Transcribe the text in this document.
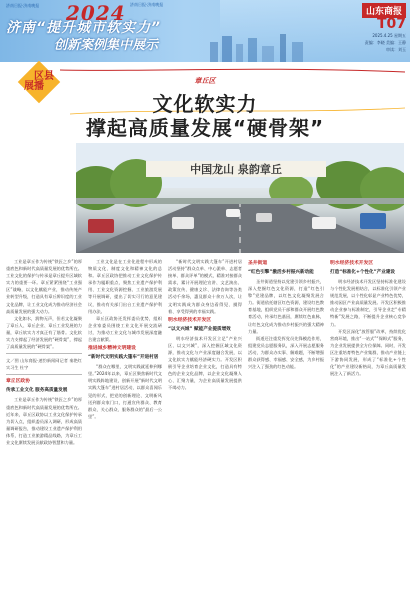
济南日报·济南晚报	济南日报·济南晚报
2024
济南“提升城市软实力”
创新案例集中展示
山东商报
T07
2025.4.25 星期五
责编：李晓 美编：王静
审读：刘玉
区县
展播	章丘区
文化软实力
撑起高质量发展“硬骨架”
中国龙山 泉韵章丘

工业是章丘作为传统“铁匠之乡”的厚重底色和新时代高质量发展的优势所在。工业文化的保护与传承是章丘提升区域软实力的重要一环。章丘紧紧围绕“工业强区”战略，以文化赋能产业，推动传统产业转型升级，打造具有章丘辨识度的工业文化品牌，让工业文化成为推动经济社会高质量发展的强大动力。

文化如水，润物无声，但若文化凝聚了章丘人、章丘企业、章丘工业发展的力量，章丘软实力才真正有了筋骨。文化软实力支撑起了经济发展的“硬骨架”，撑起了高质量发展的“硬骨架”。

文／图 山东商报·速豹新闻网记者 秦艳红 实习生 杜宇
章丘区政协
传承工业文化 服务高质量发展

工业是章丘作为传统“铁匠之乡”的厚重底色和新时代高质量发展的优势所在。近年来，章丘区政协以工业文化保护传承为切入点，组织委员深入调研，形成高质量调研报告，推动建设工业遗产保护利用体系，打造工业旅游精品线路，为章丘工业文化赓续发展贡献政协智慧和力量。

工业文化是在工业化进程中形成的物质文化、制度文化和精神文化的总和。章丘区政协把推动工业文化保护传承作为履职重点，聚焦工业遗产保护利用、工业文化资源挖掘、工业旅游发展等开展调研，提出了切实可行的意见建议，推动有关部门出台工业遗产保护利用办法。

章丘区政协还发挥委员优势，组织企业家委员围绕工业文化开展交流研讨，为推动工业文化与城市发展深度融合建言献策。

推进城乡精神文明建设
“新时代文明实践大篷车”开进村居

“群众在哪里，文明实践就延伸到哪里。”2024年以来，章丘区聚焦新时代文明实践阵地建设，创新开展“新时代文明实践大篷车”进村居活动，以群众喜闻乐见的形式，把党的创新理论、文明新风送到群众家门口，打通宣传群众、教育群众、关心群众、服务群众的“最后一公里”。

“新时代文明实践大篷车”开进村居活动坚持“群众点单、中心派单、志愿者接单、群众评单”的模式，精准对接群众需求，累计开展理论宣讲、文艺演出、政策宣传、健康义诊、法律咨询等各类活动千余场，惠及群众十余万人次，让文明实践成为群众身边看得见、摸得着、享受得到的幸福实践。

明水经济技术开发区
“以文兴城” 赋能产业提质增效

明水经济技术开发区立足“产业兴区、以文兴城”，深入挖掘区域文化资源，推动文化与产业深度融合发展，以文化软实力赋能经济硬实力。开发区积极引导企业培育企业文化，打造具有特色的企业文化品牌，以企业文化凝聚人心、汇聚力量，为企业高质量发展提供不竭动力。

圣井街道
“红色引擎”激活乡村振兴新动能

圣井街道坚持以党建引领乡村振兴，深入挖掘红色文化资源，打造“红色引擎”党建品牌，以红色文化凝聚发展合力。街道依托辖区红色资源，建设红色教育基地，组织党员干部和群众开展红色教育活动，传承红色基因，赓续红色血脉，让红色文化成为推动乡村振兴的强大精神力量。

街道还注重发挥党员先锋模范作用，组建党员志愿服务队，深入开展志愿服务活动，为群众办实事、解难题，不断增强群众获得感、幸福感、安全感，为乡村振兴注入了强劲的红色动能。

明水经济技术开发区
打造“标准化+个性化”产业建设

明水经济技术开发区坚持标准化建设与个性化发展相结合，以标准化引领产业规范发展，以个性化彰显产业特色优势，推动园区产业高质量发展。开发区积极推动企业参与标准制定，引导企业走“专精特新”发展之路，不断提升企业核心竞争力。

开发区深化“放管服”改革，持续优化营商环境，推出“一站式”“保姆式”服务，为企业发展提供全方位保障。同时，开发区注重培育特色产业集群，推动产业链上下游协同发展，形成了“标准化+个性化”的产业建设新格局，为章丘高质量发展注入了新活力。
